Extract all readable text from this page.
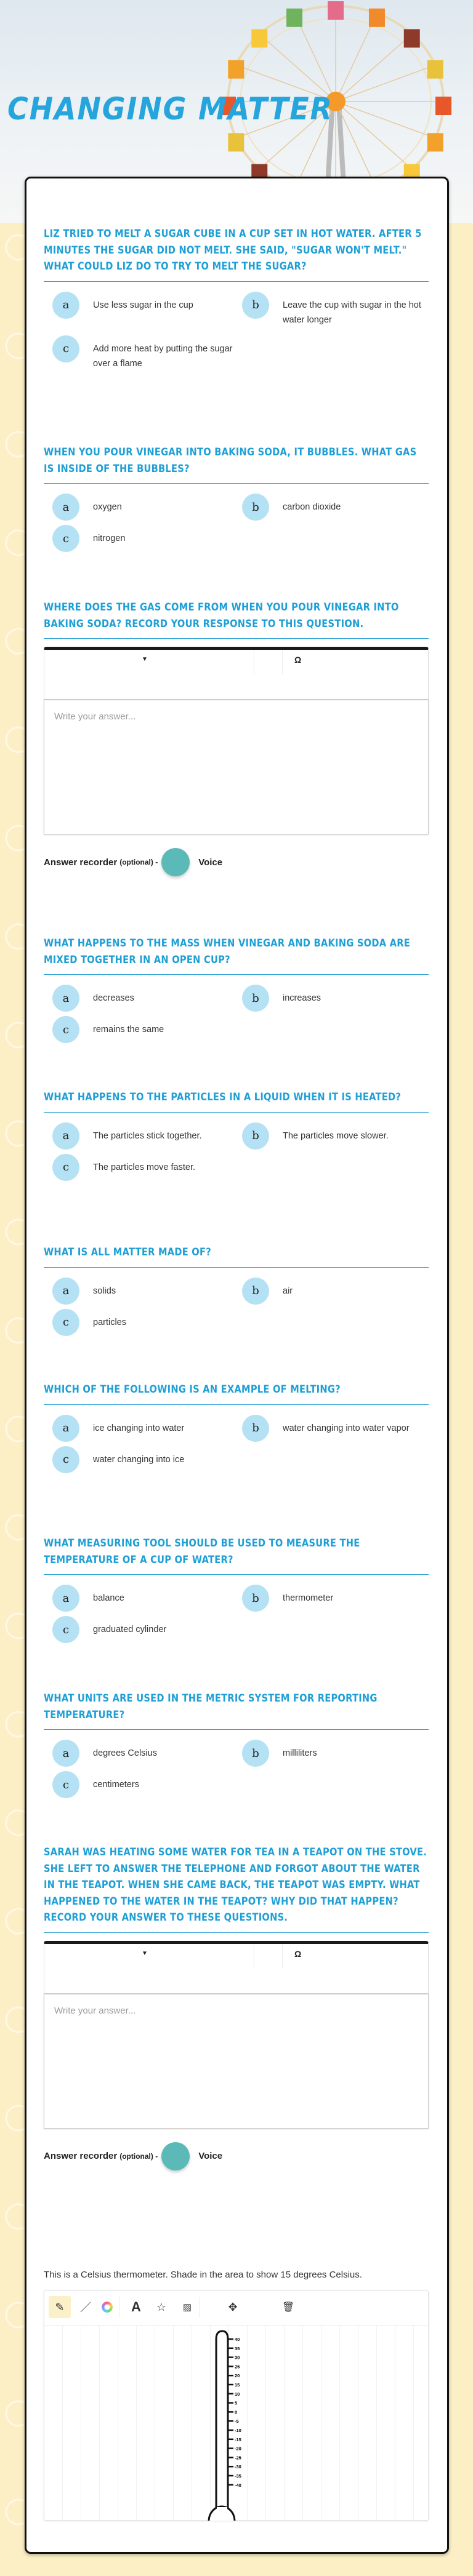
CHANGING MATTER
LIZ TRIED TO MELT A SUGAR CUBE IN A CUP SET IN HOT WATER. AFTER 5 MINUTES THE SUGAR DID NOT MELT. SHE SAID, "SUGAR WON'T MELT." WHAT COULD LIZ DO TO TRY TO MELT THE SUGAR?
a	Use less sugar in the cup	b	Leave the cup with sugar in the hot water longer
c	Add more heat by putting the sugar over a flame
WHEN YOU POUR VINEGAR INTO BAKING SODA, IT BUBBLES. WHAT GAS IS INSIDE OF THE BUBBLES?
a	oxygen	b	carbon dioxide
c	nitrogen
WHERE DOES THE GAS COME FROM WHEN YOU POUR VINEGAR INTO BAKING SODA? RECORD YOUR RESPONSE TO THIS QUESTION.
▼	Ω
Write your answer...
Answer recorder (optional) -	Voice
WHAT HAPPENS TO THE MASS WHEN VINEGAR AND BAKING SODA ARE MIXED TOGETHER IN AN OPEN CUP?
a	decreases	b	increases
c	remains the same
WHAT HAPPENS TO THE PARTICLES IN A LIQUID WHEN IT IS HEATED?
a	The particles stick together.	b	The particles move slower.
c	The particles move faster.
WHAT IS ALL MATTER MADE OF?
a	solids	b	air
c	particles
WHICH OF THE FOLLOWING IS AN EXAMPLE OF MELTING?
a	ice changing into water	b	water changing into water vapor
c	water changing into ice
WHAT MEASURING TOOL SHOULD BE USED TO MEASURE THE TEMPERATURE OF A CUP OF WATER?
a	balance	b	thermometer
c	graduated cylinder
WHAT UNITS ARE USED IN THE METRIC SYSTEM FOR REPORTING TEMPERATURE?
a	degrees Celsius	b	milliliters
c	centimeters
SARAH WAS HEATING SOME WATER FOR TEA IN A TEAPOT ON THE STOVE. SHE LEFT TO ANSWER THE TELEPHONE AND FORGOT ABOUT THE WATER IN THE TEAPOT. WHEN SHE CAME BACK, THE TEAPOT WAS EMPTY. WHAT HAPPENED TO THE WATER IN THE TEAPOT? WHY DID THAT HAPPEN? RECORD YOUR ANSWER TO THESE QUESTIONS.
▼	Ω
Write your answer...
Answer recorder (optional) -	Voice
This is a Celsius thermometer. Shade in the area to show 15 degrees Celsius.
✎	／	A	☆	▨	✥	🗑
40
35
30
25
20
15
10
5
0
-5
-10
-15
-20
-25
-30
-35
-40
